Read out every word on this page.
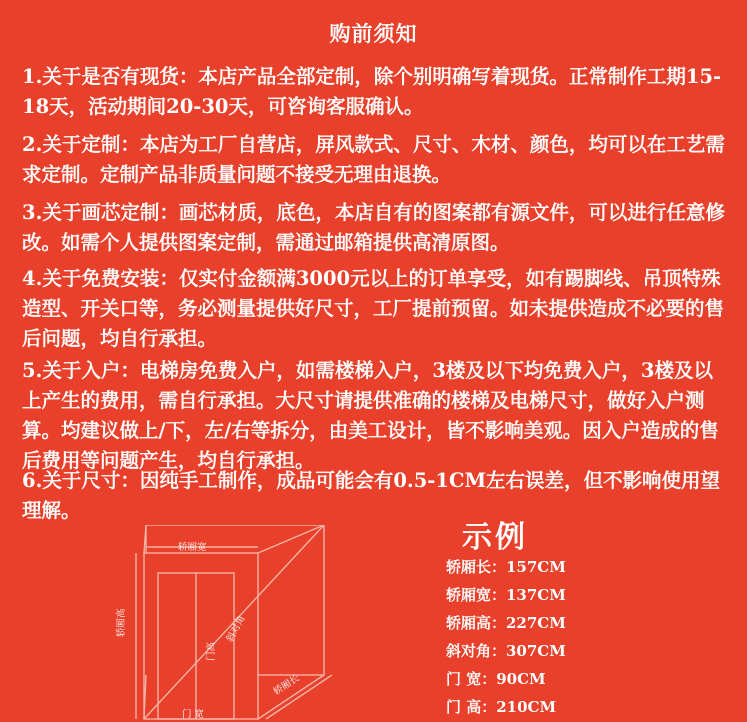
购前须知

1.关于是否有现货：本店产品全部定制，除个别明确写着现货。正常制作工期15-18天，活动期间20-30天，可咨询客服确认。

2.关于定制：本店为工厂自营店，屏风款式、尺寸、木材、颜色，均可以在工艺需求定制。定制产品非质量问题不接受无理由退换。

3.关于画芯定制：画芯材质，底色，本店自有的图案都有源文件，可以进行任意修改。如需个人提供图案定制，需通过邮箱提供高清原图。

4.关于免费安装：仅实付金额满3000元以上的订单享受，如有踢脚线、吊顶特殊造型、开关口等，务必测量提供好尺寸，工厂提前预留。如未提供造成不必要的售后问题，均自行承担。

5.关于入户：电梯房免费入户，如需楼梯入户，3楼及以下均免费入户，3楼及以上产生的费用，需自行承担。大尺寸请提供准确的楼梯及电梯尺寸，做好入户测算。均建议做上/下，左/右等拆分，由美工设计，皆不影响美观。因入户造成的售后费用等问题产生，均自行承担。

6.关于尺寸：因纯手工制作，成品可能会有0.5-1CM左右误差，但不影响使用望理解。

轿厢宽
轿厢高
轿厢长
门高
斜对角
门 宽
示例
轿厢长：157CM
轿厢宽：137CM
轿厢高：227CM
斜对角：307CM
门 宽：90CM
门 高：210CM
